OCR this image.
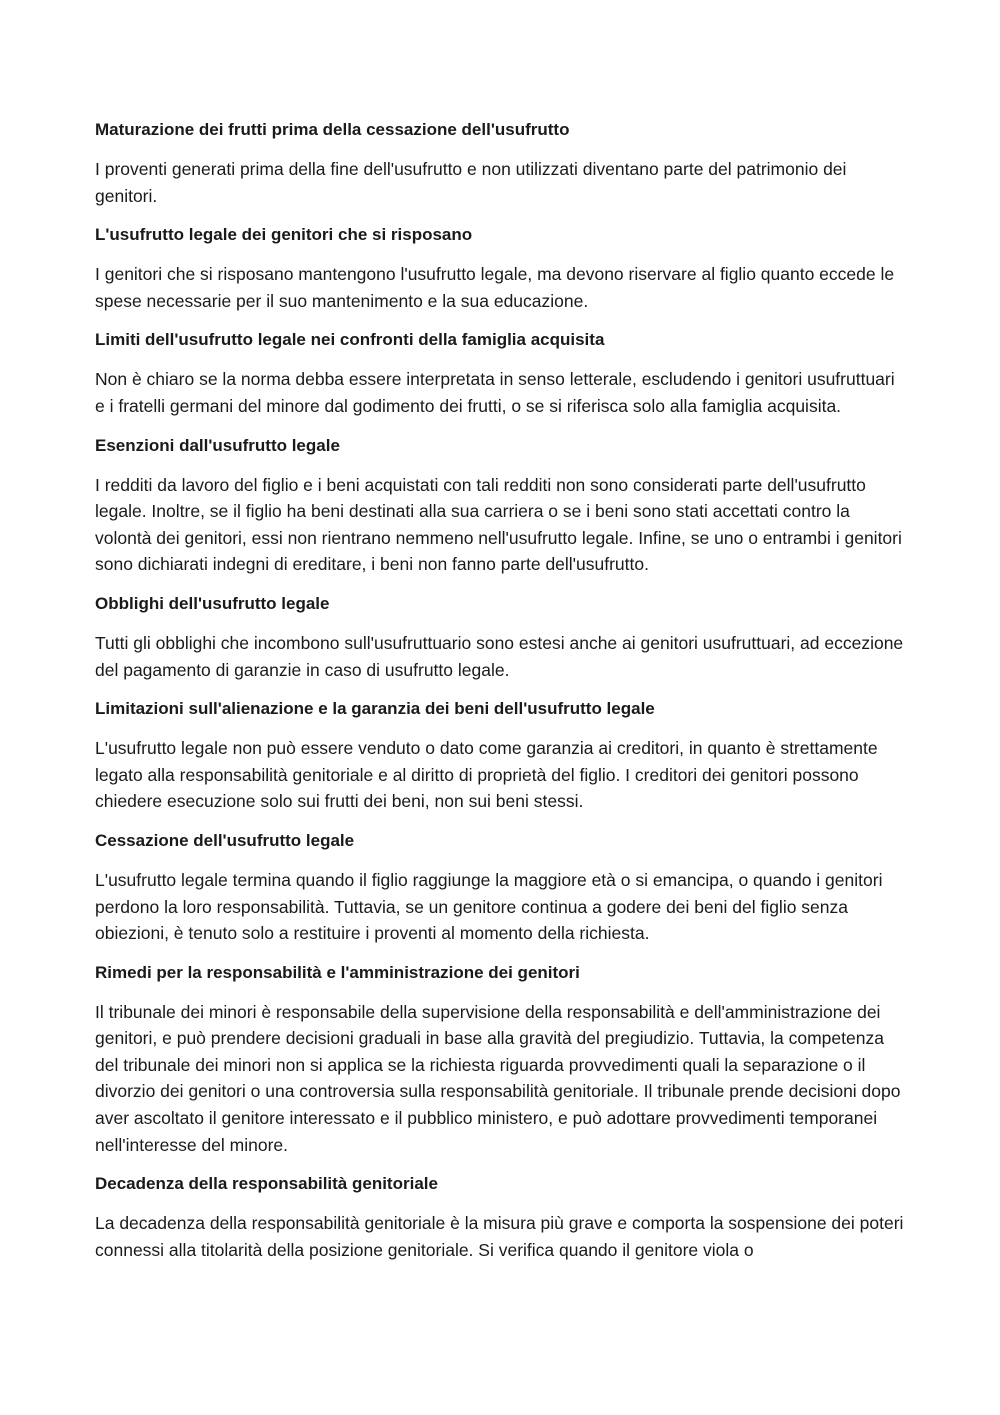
Maturazione dei frutti prima della cessazione dell'usufrutto

I proventi generati prima della fine dell'usufrutto e non utilizzati diventano parte del patrimonio dei genitori.

L'usufrutto legale dei genitori che si risposano

I genitori che si risposano mantengono l'usufrutto legale, ma devono riservare al figlio quanto eccede le spese necessarie per il suo mantenimento e la sua educazione.

Limiti dell'usufrutto legale nei confronti della famiglia acquisita

Non è chiaro se la norma debba essere interpretata in senso letterale, escludendo i genitori usufruttuari e i fratelli germani del minore dal godimento dei frutti, o se si riferisca solo alla famiglia acquisita.

Esenzioni dall'usufrutto legale

I redditi da lavoro del figlio e i beni acquistati con tali redditi non sono considerati parte dell'usufrutto legale. Inoltre, se il figlio ha beni destinati alla sua carriera o se i beni sono stati accettati contro la volontà dei genitori, essi non rientrano nemmeno nell'usufrutto legale. Infine, se uno o entrambi i genitori sono dichiarati indegni di ereditare, i beni non fanno parte dell'usufrutto.

Obblighi dell'usufrutto legale

Tutti gli obblighi che incombono sull'usufruttuario sono estesi anche ai genitori usufruttuari, ad eccezione del pagamento di garanzie in caso di usufrutto legale.

Limitazioni sull'alienazione e la garanzia dei beni dell'usufrutto legale

L'usufrutto legale non può essere venduto o dato come garanzia ai creditori, in quanto è strettamente legato alla responsabilità genitoriale e al diritto di proprietà del figlio. I creditori dei genitori possono chiedere esecuzione solo sui frutti dei beni, non sui beni stessi.

Cessazione dell'usufrutto legale

L'usufrutto legale termina quando il figlio raggiunge la maggiore età o si emancipa, o quando i genitori perdono la loro responsabilità. Tuttavia, se un genitore continua a godere dei beni del figlio senza obiezioni, è tenuto solo a restituire i proventi al momento della richiesta.

Rimedi per la responsabilità e l'amministrazione dei genitori

Il tribunale dei minori è responsabile della supervisione della responsabilità e dell'amministrazione dei genitori, e può prendere decisioni graduali in base alla gravità del pregiudizio. Tuttavia, la competenza del tribunale dei minori non si applica se la richiesta riguarda provvedimenti quali la separazione o il divorzio dei genitori o una controversia sulla responsabilità genitoriale. Il tribunale prende decisioni dopo aver ascoltato il genitore interessato e il pubblico ministero, e può adottare provvedimenti temporanei nell'interesse del minore.

Decadenza della responsabilità genitoriale

La decadenza della responsabilità genitoriale è la misura più grave e comporta la sospensione dei poteri connessi alla titolarità della posizione genitoriale. Si verifica quando il genitore viola o
